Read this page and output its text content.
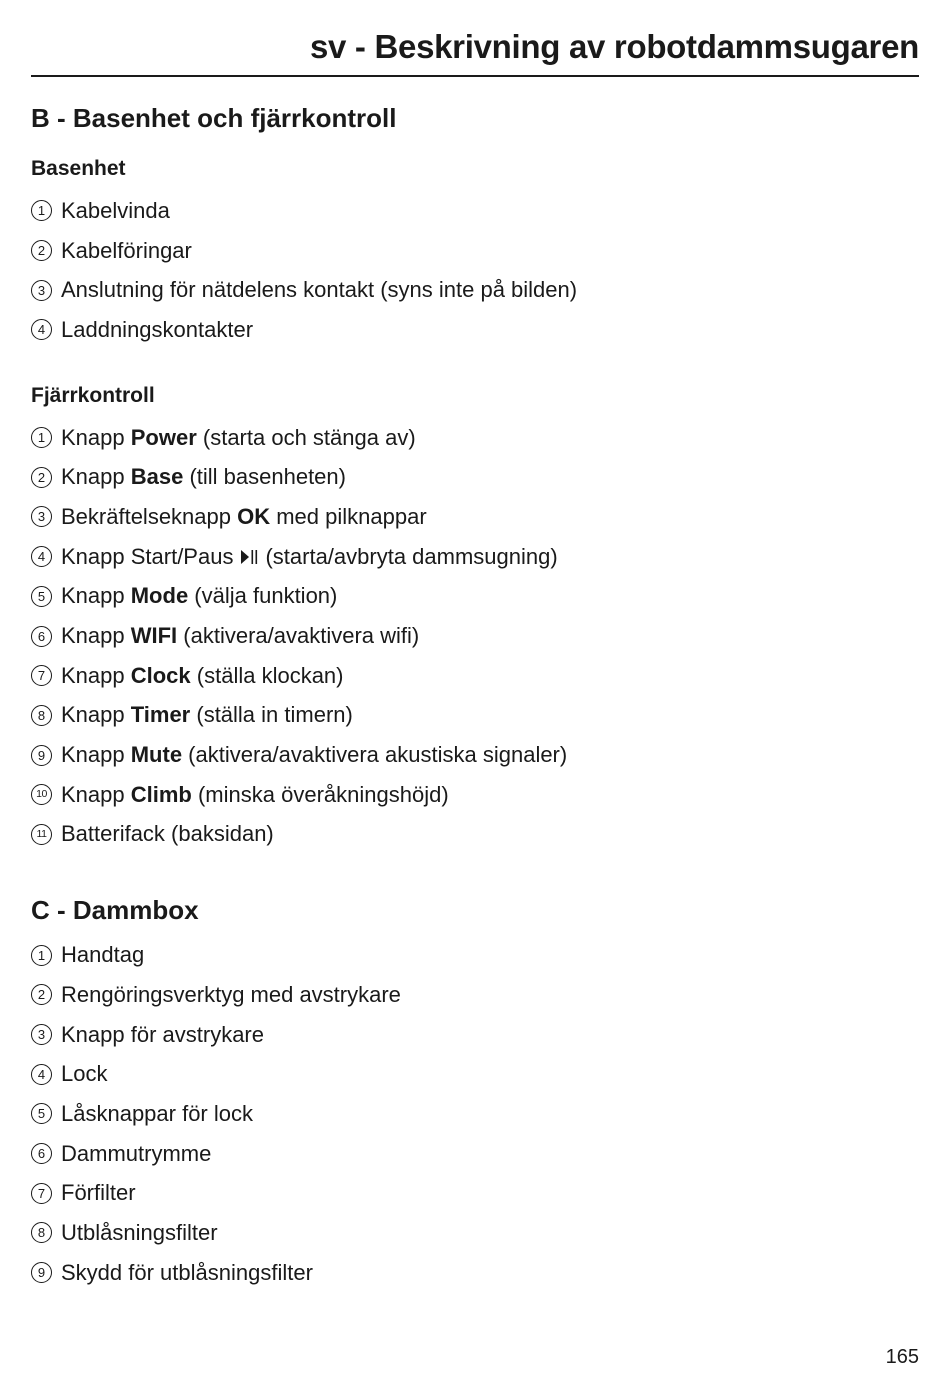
sv - Beskrivning av robotdammsugaren
B - Basenhet och fjärrkontroll
Basenhet
1 Kabelvinda
2 Kabelföringar
3 Anslutning för nätdelens kontakt (syns inte på bilden)
4 Laddningskontakter
Fjärrkontroll
1 Knapp Power (starta och stänga av)
2 Knapp Base (till basenheten)
3 Bekräftelseknapp OK med pilknappar
4 Knapp Start/Paus (starta/avbryta dammsugning)
5 Knapp Mode (välja funktion)
6 Knapp WIFI (aktivera/avaktivera wifi)
7 Knapp Clock (ställa klockan)
8 Knapp Timer (ställa in timern)
9 Knapp Mute (aktivera/avaktivera akustiska signaler)
10 Knapp Climb (minska överåkningshöjd)
11 Batterifack (baksidan)
C - Dammbox
1 Handtag
2 Rengöringsverktyg med avstrykare
3 Knapp för avstrykare
4 Lock
5 Låsknappar för lock
6 Dammutrymme
7 Förfilter
8 Utblåsningsfilter
9 Skydd för utblåsningsfilter
165
